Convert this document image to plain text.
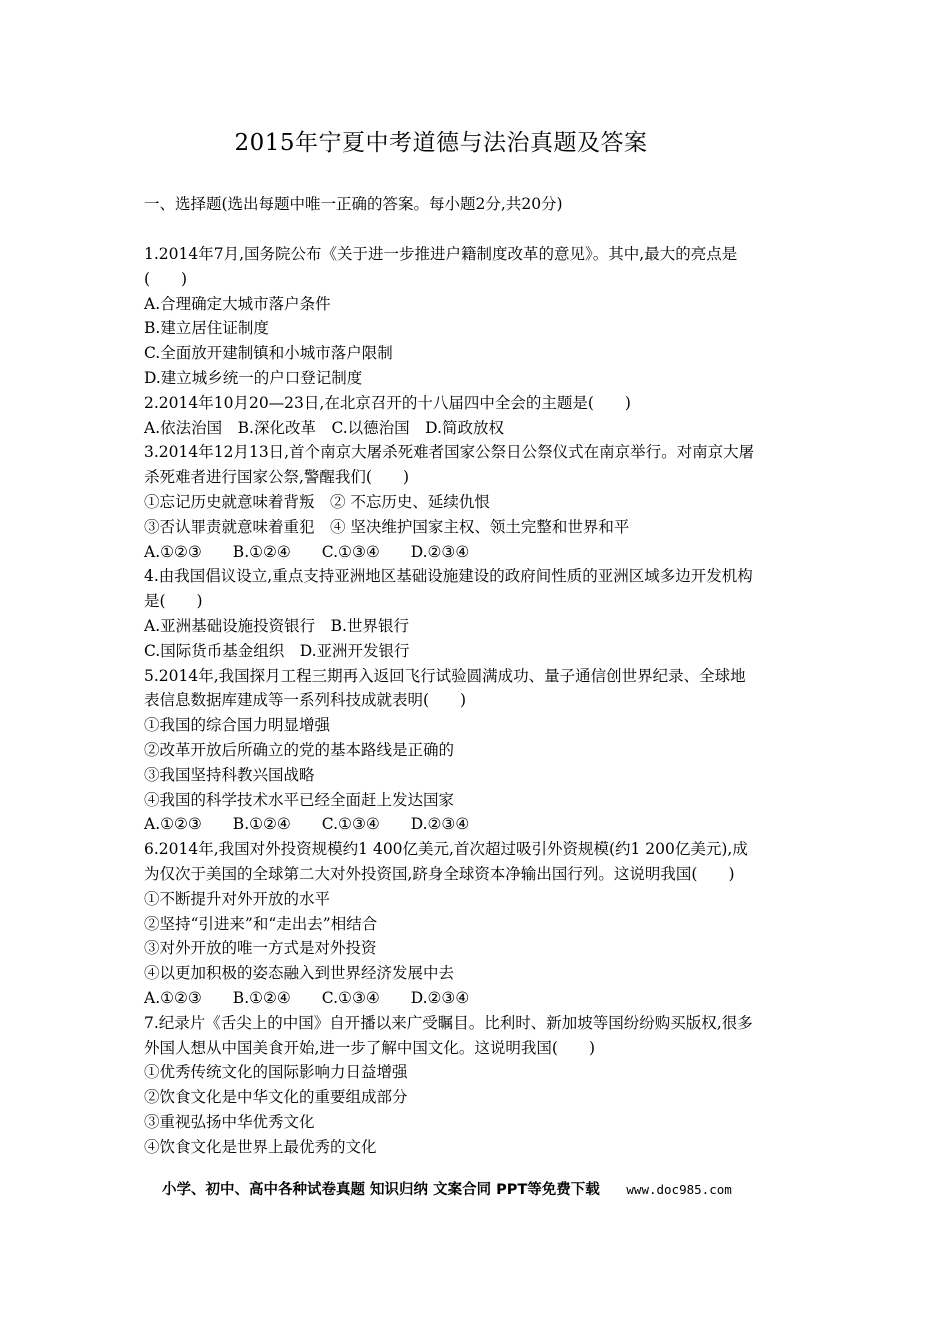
2015年宁夏中考道德与法治真题及答案
一、选择题(选出每题中唯一正确的答案。每小题2分,共20分)
1.2014年7月,国务院公布《关于进一步推进户籍制度改革的意见》。其中,最大的亮点是
(　　)
A.合理确定大城市落户条件
B.建立居住证制度
C.全面放开建制镇和小城市落户限制
D.建立城乡统一的户口登记制度
2.2014年10月20—23日,在北京召开的十八届四中全会的主题是(　　)
A.依法治国　B.深化改革　C.以德治国　D.简政放权
3.2014年12月13日,首个南京大屠杀死难者国家公祭日公祭仪式在南京举行。对南京大屠
杀死难者进行国家公祭,警醒我们(　　)
①忘记历史就意味着背叛　② 不忘历史、延续仇恨
③否认罪责就意味着重犯　④ 坚决维护国家主权、领土完整和世界和平
A.①②③　　B.①②④　　C.①③④　　D.②③④
4.由我国倡议设立,重点支持亚洲地区基础设施建设的政府间性质的亚洲区域多边开发机构
是(　　)
A.亚洲基础设施投资银行　B.世界银行
C.国际货币基金组织　D.亚洲开发银行
5.2014年,我国探月工程三期再入返回飞行试验圆满成功、量子通信创世界纪录、全球地
表信息数据库建成等一系列科技成就表明(　　)
①我国的综合国力明显增强
②改革开放后所确立的党的基本路线是正确的
③我国坚持科教兴国战略
④我国的科学技术水平已经全面赶上发达国家
A.①②③　　B.①②④　　C.①③④　　D.②③④
6.2014年,我国对外投资规模约1 400亿美元,首次超过吸引外资规模(约1 200亿美元),成
为仅次于美国的全球第二大对外投资国,跻身全球资本净输出国行列。这说明我国(　　)
①不断提升对外开放的水平
②坚持“引进来”和“走出去”相结合
③对外开放的唯一方式是对外投资
④以更加积极的姿态融入到世界经济发展中去
A.①②③　　B.①②④　　C.①③④　　D.②③④
7.纪录片《舌尖上的中国》自开播以来广受瞩目。比利时、新加坡等国纷纷购买版权,很多
外国人想从中国美食开始,进一步了解中国文化。这说明我国(　　)
①优秀传统文化的国际影响力日益增强
②饮食文化是中华文化的重要组成部分
③重视弘扬中华优秀文化
④饮食文化是世界上最优秀的文化
小学、初中、高中各种试卷真题 知识归纳 文案合同 PPT等免费下载 www.doc985.com
